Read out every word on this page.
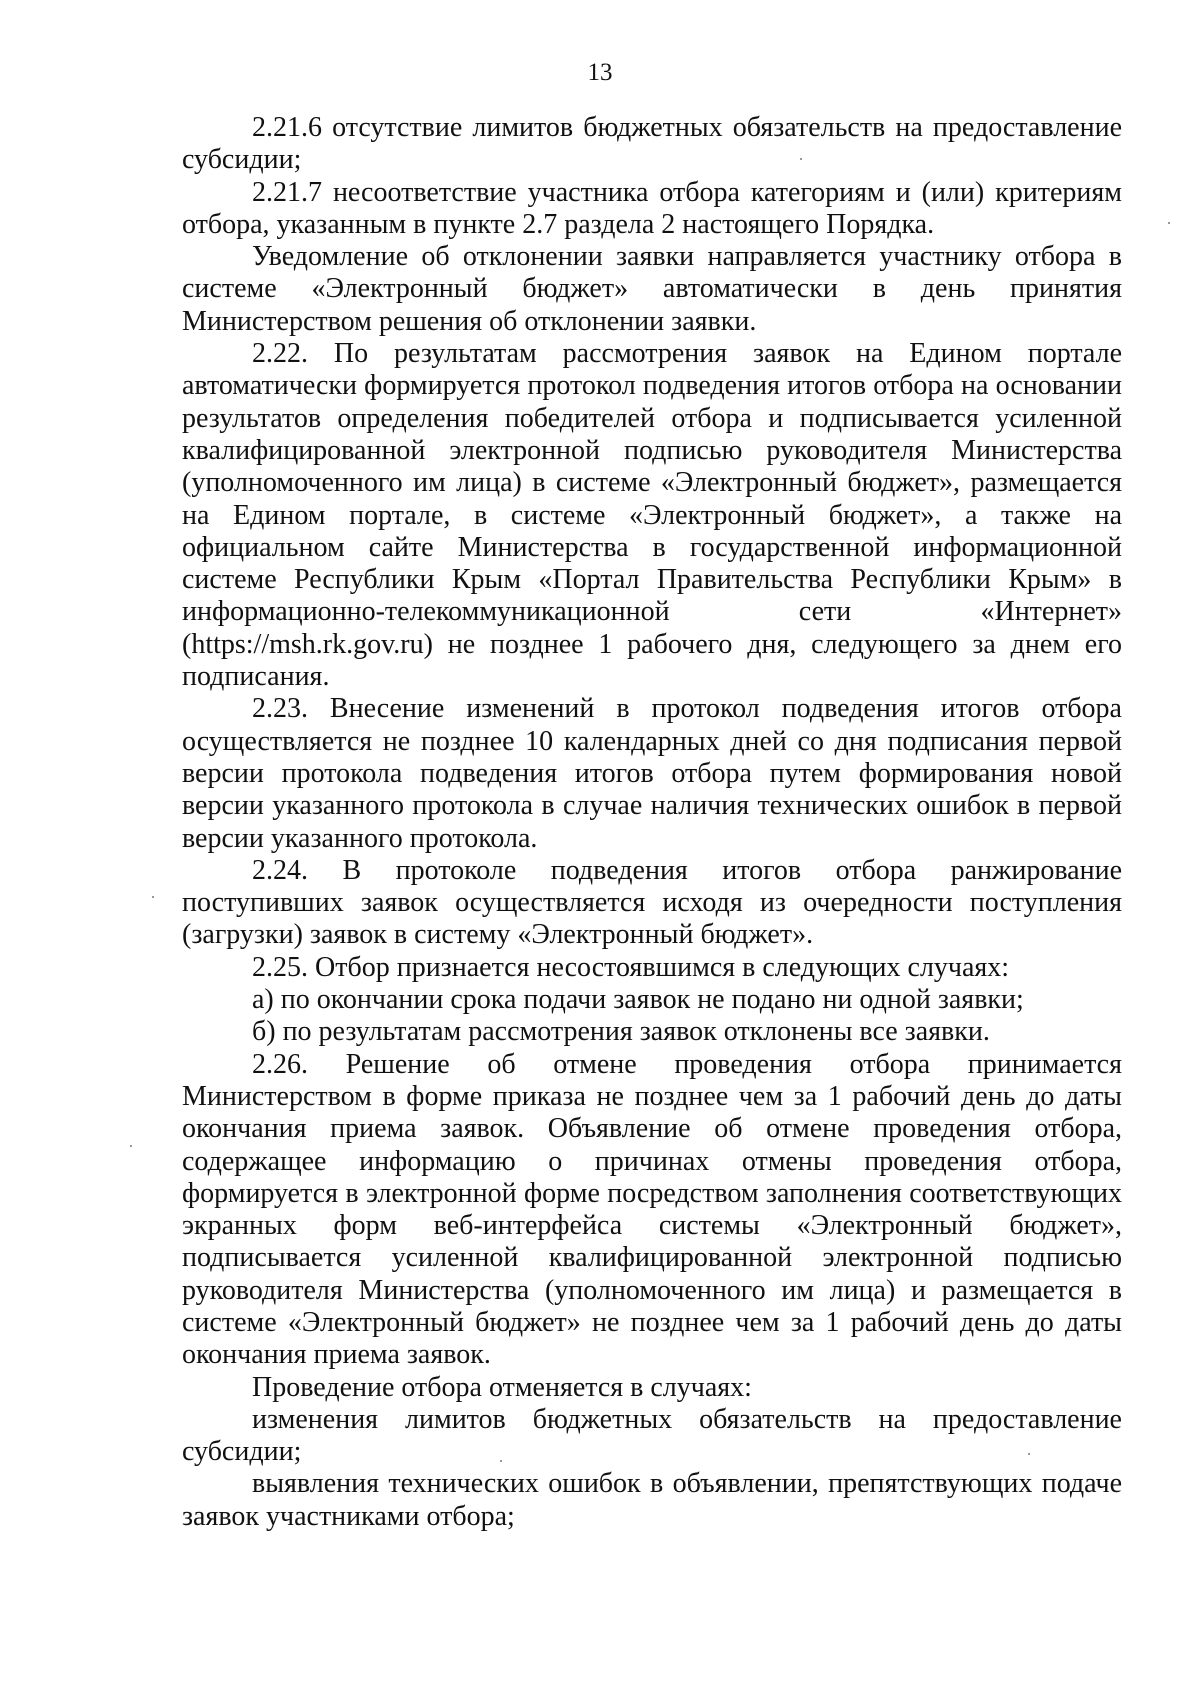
13

2.21.6 отсутствие лимитов бюджетных обязательств на предоставление субсидии;

2.21.7 несоответствие участника отбора категориям и (или) критериям отбора, указанным в пункте 2.7 раздела 2 настоящего Порядка.

Уведомление об отклонении заявки направляется участнику отбора в системе «Электронный бюджет» автоматически в день принятия Министерством решения об отклонении заявки.

2.22. По результатам рассмотрения заявок на Едином портале автоматически формируется протокол подведения итогов отбора на основании результатов определения победителей отбора и подписывается усиленной квалифицированной электронной подписью руководителя Министерства (уполномоченного им лица) в системе «Электронный бюджет», размещается на Едином портале, в системе «Электронный бюджет», а также на официальном сайте Министерства в государственной информационной системе Республики Крым «Портал Правительства Республики Крым» в информационно-телекоммуникационной сети «Интернет» (https://msh.rk.gov.ru) не позднее 1 рабочего дня, следующего за днем его подписания.

2.23. Внесение изменений в протокол подведения итогов отбора осуществляется не позднее 10 календарных дней со дня подписания первой версии протокола подведения итогов отбора путем формирования новой версии указанного протокола в случае наличия технических ошибок в первой версии указанного протокола.

2.24. В протоколе подведения итогов отбора ранжирование поступивших заявок осуществляется исходя из очередности поступления (загрузки) заявок в систему «Электронный бюджет».

2.25. Отбор признается несостоявшимся в следующих случаях:

а) по окончании срока подачи заявок не подано ни одной заявки;

б) по результатам рассмотрения заявок отклонены все заявки.

2.26. Решение об отмене проведения отбора принимается Министерством в форме приказа не позднее чем за 1 рабочий день до даты окончания приема заявок. Объявление об отмене проведения отбора, содержащее информацию о причинах отмены проведения отбора, формируется в электронной форме посредством заполнения соответствующих экранных форм веб-интерфейса системы «Электронный бюджет», подписывается усиленной квалифицированной электронной подписью руководителя Министерства (уполномоченного им лица) и размещается в системе «Электронный бюджет» не позднее чем за 1 рабочий день до даты окончания приема заявок.

Проведение отбора отменяется в случаях:

изменения лимитов бюджетных обязательств на предоставление субсидии;

выявления технических ошибок в объявлении, препятствующих подаче заявок участниками отбора;
